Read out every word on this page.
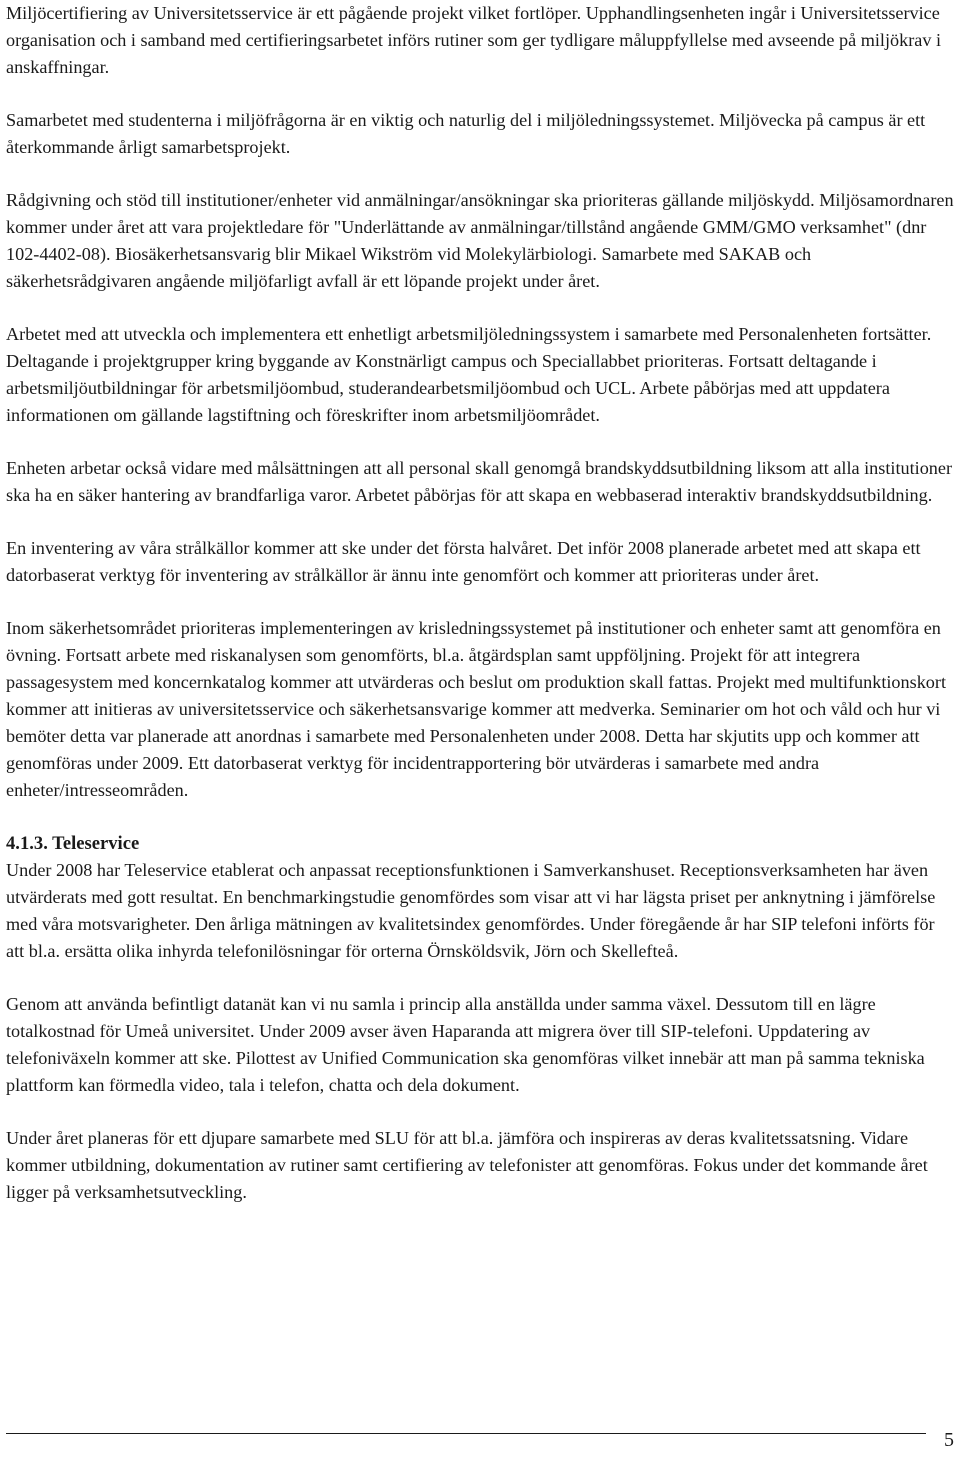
Miljöcertifiering av Universitetsservice är ett pågående projekt vilket fortlöper. Upphandlingsenheten ingår i Universitetsservice organisation och i samband med certifieringsarbetet införs rutiner som ger tydligare måluppfyllelse med avseende på miljökrav i anskaffningar.

Samarbetet med studenterna i miljöfrågorna är en viktig och naturlig del i miljöledningssystemet. Miljövecka på campus är ett återkommande årligt samarbetsprojekt.

Rådgivning och stöd till institutioner/enheter vid anmälningar/ansökningar ska prioriteras gällande miljöskydd. Miljösamordnaren kommer under året att vara projektledare för "Underlättande av anmälningar/tillstånd angående GMM/GMO verksamhet" (dnr 102-4402-08). Biosäkerhetsansvarig blir Mikael Wikström vid Molekylärbiologi. Samarbete med SAKAB och säkerhetsrådgivaren angående miljöfarligt avfall är ett löpande projekt under året.

Arbetet med att utveckla och implementera ett enhetligt arbetsmiljöledningssystem i samarbete med Personalenheten fortsätter. Deltagande i projektgrupper kring byggande av Konstnärligt campus och Speciallabbet prioriteras. Fortsatt deltagande i arbetsmiljöutbildningar för arbetsmiljöombud, studerandearbetsmiljöombud och UCL. Arbete påbörjas med att uppdatera informationen om gällande lagstiftning och föreskrifter inom arbetsmiljöområdet.

Enheten arbetar också vidare med målsättningen att all personal skall genomgå brandskyddsutbildning liksom att alla institutioner ska ha en säker hantering av brandfarliga varor. Arbetet påbörjas för att skapa en webbaserad interaktiv brandskyddsutbildning.

En inventering av våra strålkällor kommer att ske under det första halvåret. Det inför 2008 planerade arbetet med att skapa ett datorbaserat verktyg för inventering av strålkällor är ännu inte genomfört och kommer att prioriteras under året.

Inom säkerhetsområdet prioriteras implementeringen av krisledningssystemet på institutioner och enheter samt att genomföra en övning. Fortsatt arbete med riskanalysen som genomförts, bl.a. åtgärdsplan samt uppföljning. Projekt för att integrera passagesystem med koncernkatalog kommer att utvärderas och beslut om produktion skall fattas. Projekt med multifunktionskort kommer att initieras av universitetsservice och säkerhetsansvarige kommer att medverka. Seminarier om hot och våld och hur vi bemöter detta var planerade att anordnas i samarbete med Personalenheten under 2008. Detta har skjutits upp och kommer att genomföras under 2009. Ett datorbaserat verktyg för incidentrapportering bör utvärderas i samarbete med andra enheter/intresseområden.

4.1.3. Teleservice

Under 2008 har Teleservice etablerat och anpassat receptionsfunktionen i Samverkanshuset. Receptionsverksamheten har även utvärderats med gott resultat. En benchmarkingstudie genomfördes som visar att vi har lägsta priset per anknytning i jämförelse med våra motsvarigheter. Den årliga mätningen av kvalitetsindex genomfördes. Under föregående år har SIP telefoni införts för att bl.a. ersätta olika inhyrda telefonilösningar för orterna Örnsköldsvik, Jörn och Skellefteå.

Genom att använda befintligt datanät kan vi nu samla i princip alla anställda under samma växel. Dessutom till en lägre totalkostnad för Umeå universitet. Under 2009 avser även Haparanda att migrera över till SIP-telefoni. Uppdatering av telefoniväxeln kommer att ske. Pilottest av Unified Communication ska genomföras vilket innebär att man på samma tekniska plattform kan förmedla video, tala i telefon, chatta och dela dokument.

Under året planeras för ett djupare samarbete med SLU för att bl.a. jämföra och inspireras av deras kvalitetssatsning. Vidare kommer utbildning, dokumentation av rutiner samt certifiering av telefonister att genomföras. Fokus under det kommande året ligger på verksamhetsutveckling.

5
